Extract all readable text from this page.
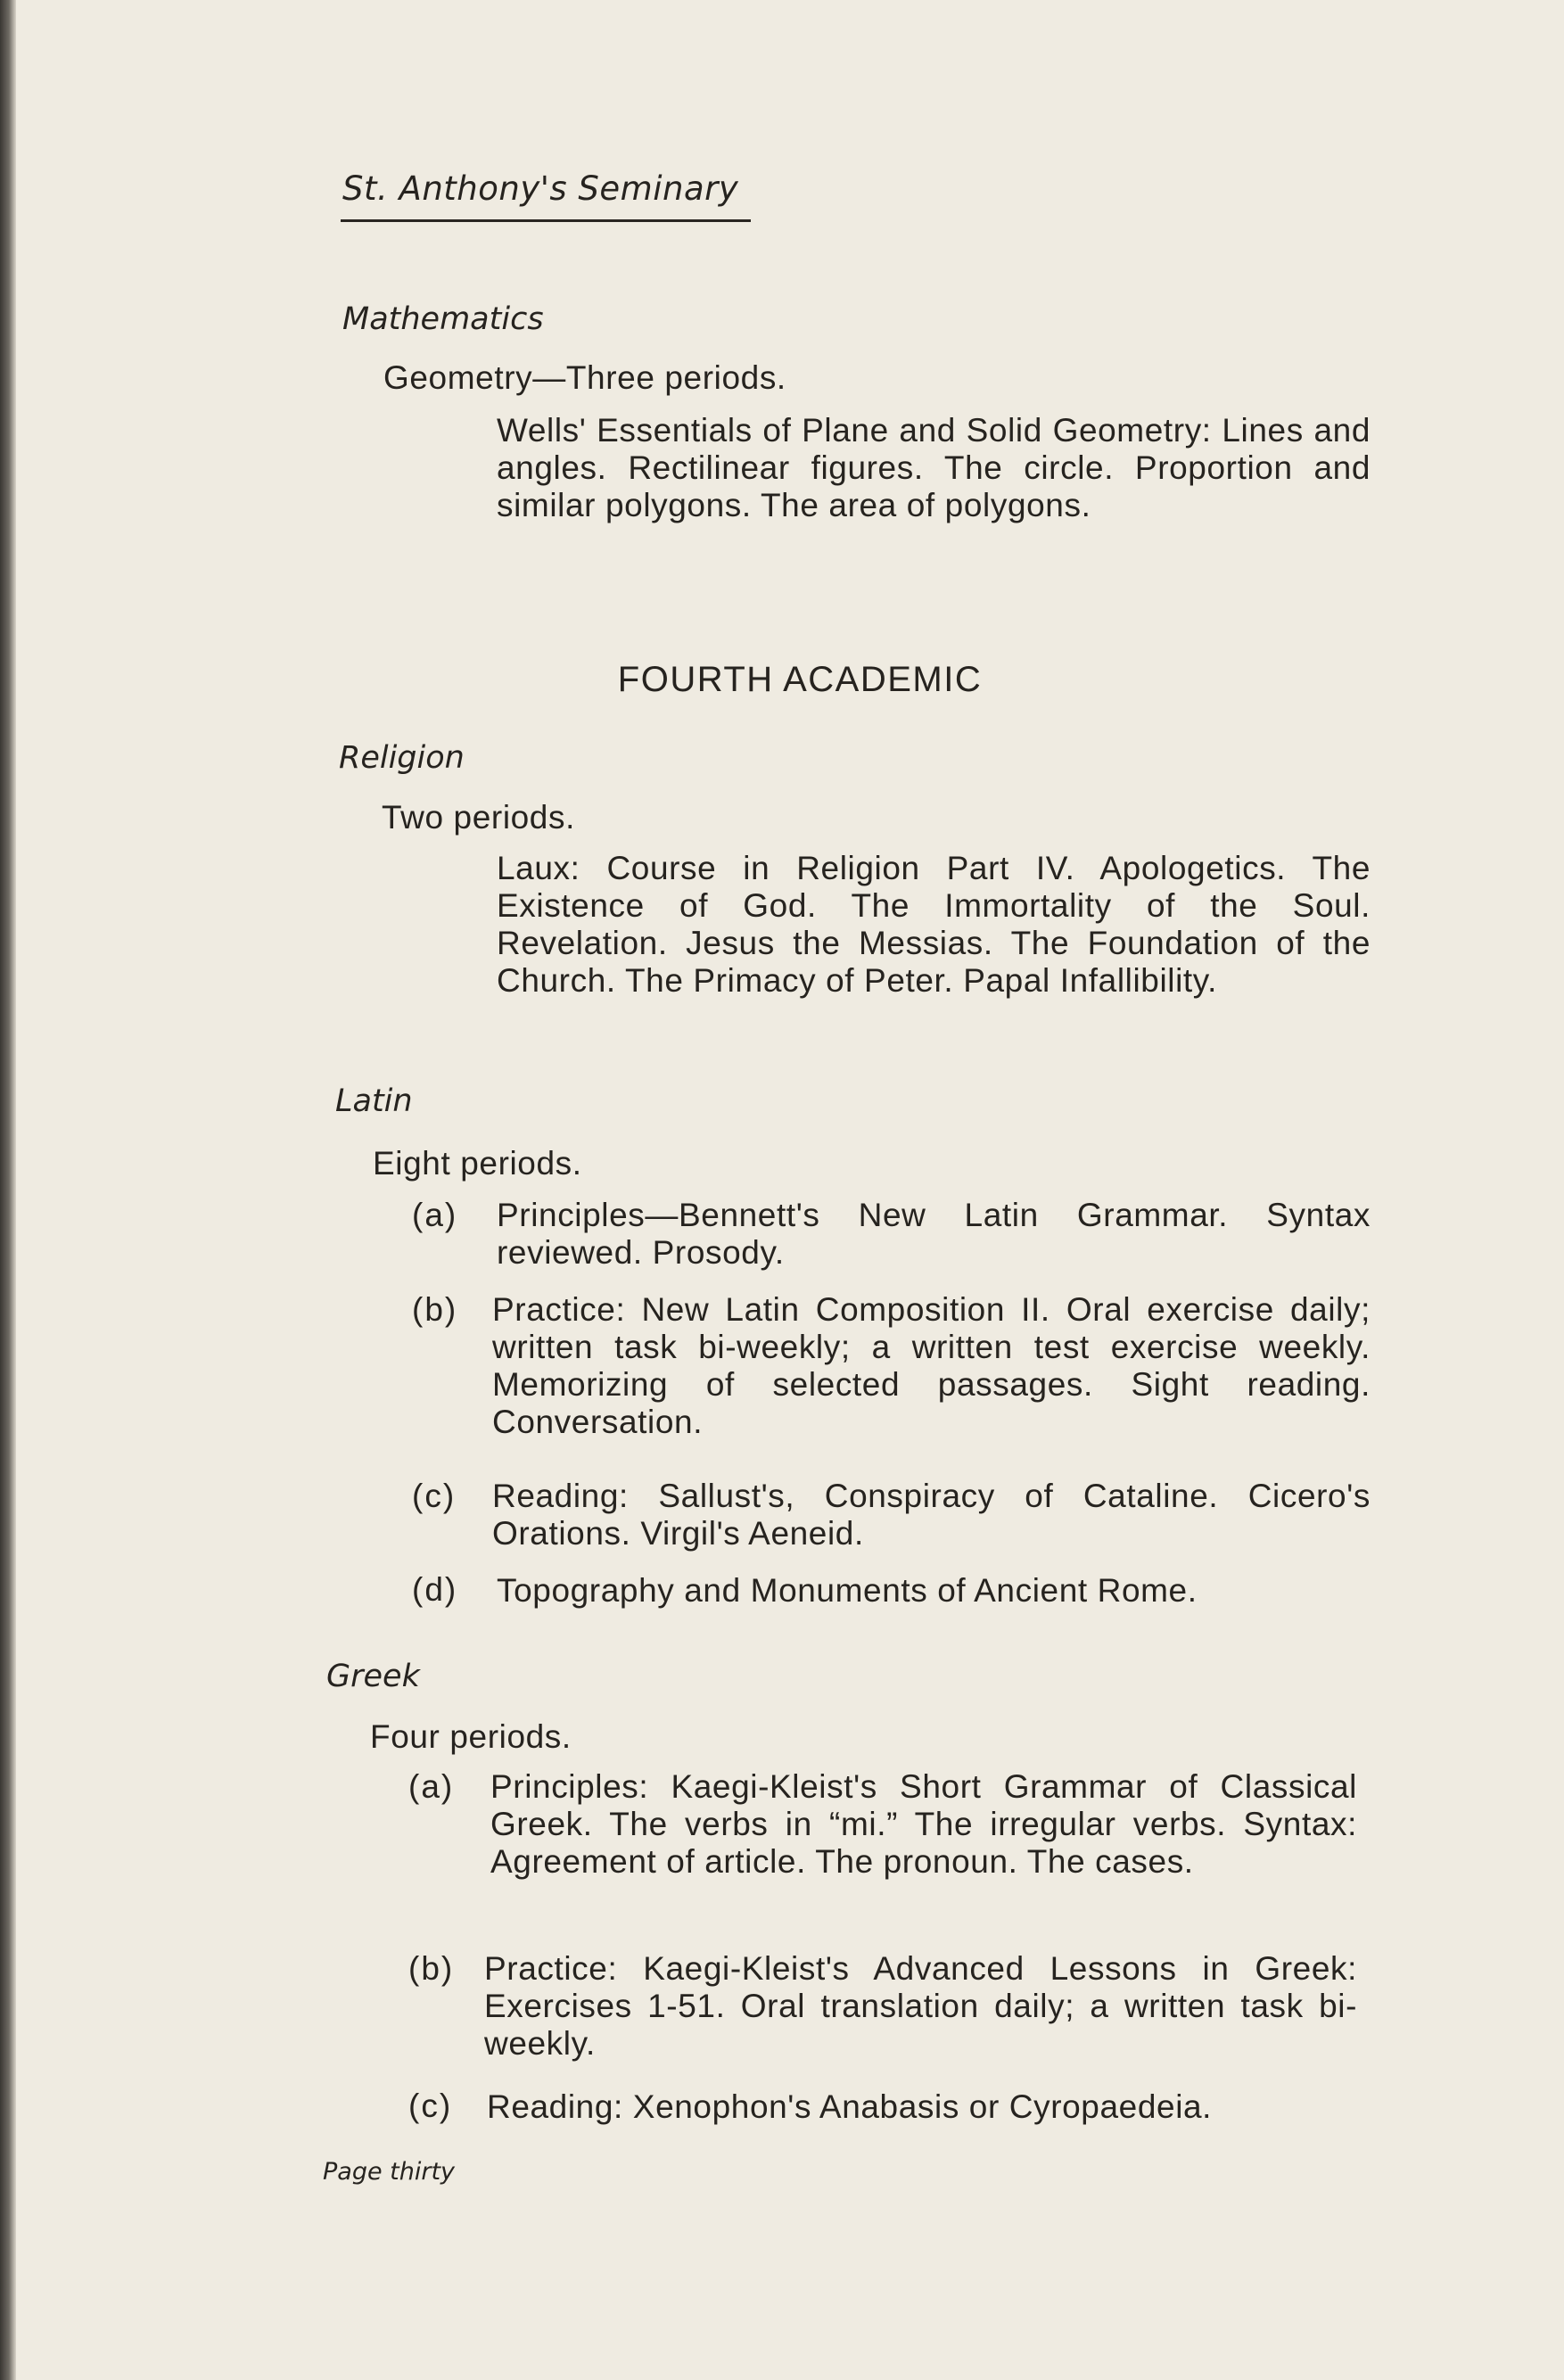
St. Anthony's Seminary
Mathematics
Geometry—Three periods.
Wells' Essentials of Plane and Solid Geometry: Lines and angles. Rectilinear figures. The circle. Proportion and similar polygons. The area of polygons.
FOURTH ACADEMIC
Religion
Two periods.
Laux: Course in Religion Part IV. Apologetics. The Existence of God. The Immortality of the Soul. Revelation. Jesus the Messias. The Foundation of the Church. The Primacy of Peter. Papal Infallibility.
Latin
Eight periods.
(a) Principles—Bennett's New Latin Grammar. Syntax reviewed. Prosody.
(b) Practice: New Latin Composition II. Oral exercise daily; written task bi-weekly; a written test exercise weekly. Memorizing of selected passages. Sight reading. Conversation.
(c) Reading: Sallust's, Conspiracy of Cataline. Cicero's Orations. Virgil's Aeneid.
(d) Topography and Monuments of Ancient Rome.
Greek
Four periods.
(a) Principles: Kaegi-Kleist's Short Grammar of Classical Greek. The verbs in “mi.” The irregular verbs. Syntax: Agreement of article. The pronoun. The cases.
(b) Practice: Kaegi-Kleist's Advanced Lessons in Greek: Exercises 1-51. Oral translation daily; a written task bi-weekly.
(c) Reading: Xenophon's Anabasis or Cyropaedeia.
Page thirty
